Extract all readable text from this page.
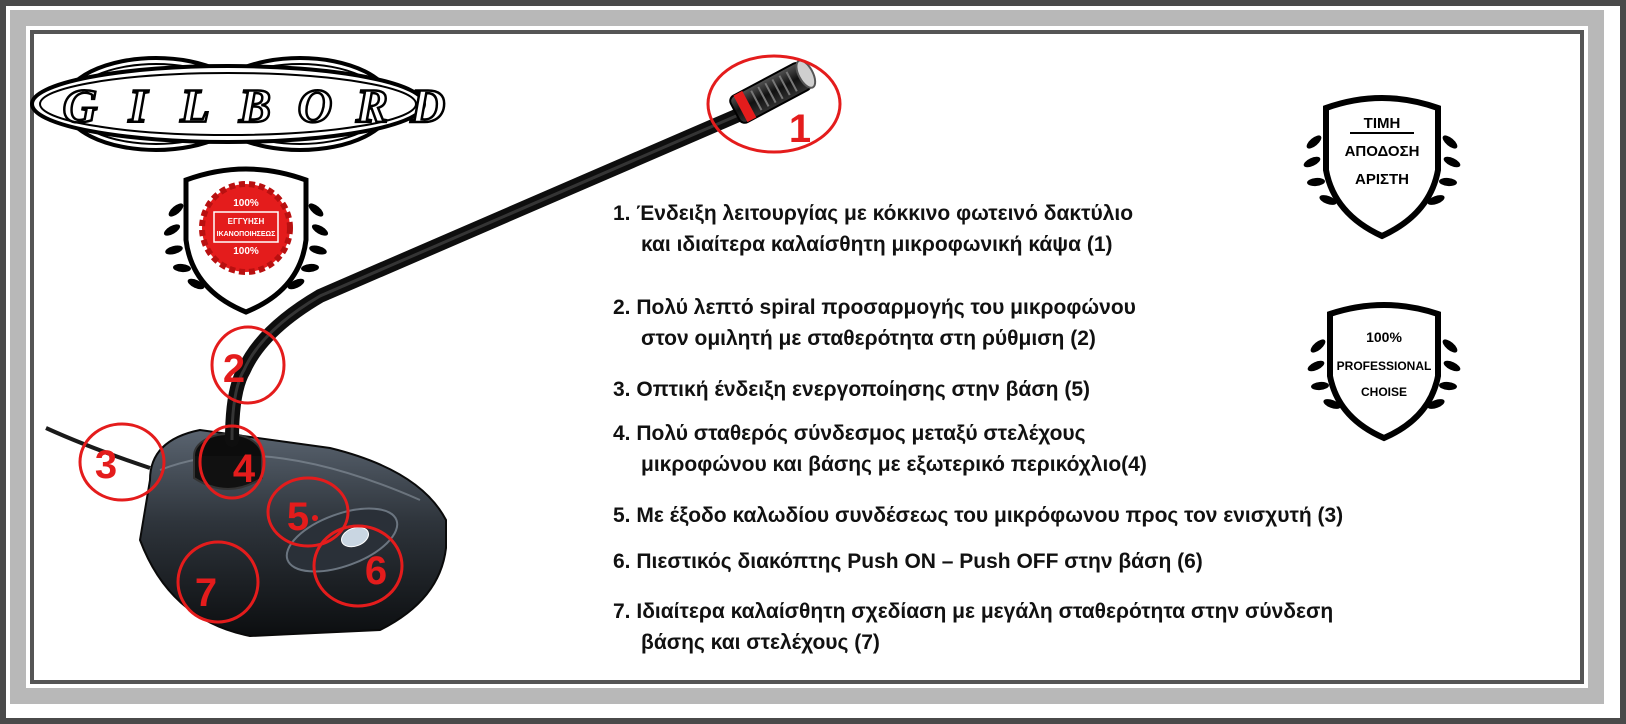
G I L B O R D
100%
ΕΓΓΥΗΣΗ
ΙΚΑΝΟΠΟΙΗΣΕΩΣ
100%
ΤΙΜΗ
ΑΠΟΔΟΣΗ
ΑΡΙΣΤΗ
100%
PROFESSIONAL
CHOISE
1
2
3	4
5
6
7
1. Ένδειξη λειτουργίας με κόκκινο φωτεινό δακτύλιο
και ιδιαίτερα καλαίσθητη μικροφωνική κάψα (1)
2. Πολύ λεπτό spiral προσαρμογής του μικροφώνου
στον ομιλητή με σταθερότητα στη ρύθμιση (2)
3. Οπτική ένδειξη ενεργοποίησης στην βάση (5)
4. Πολύ σταθερός σύνδεσμος μεταξύ στελέχους
μικροφώνου και βάσης με εξωτερικό περικόχλιο(4)
5. Με έξοδο καλωδίου συνδέσεως του μικρόφωνου προς τον ενισχυτή (3)
6. Πιεστικός διακόπτης Push ON – Push OFF στην βάση (6)
7. Ιδιαίτερα καλαίσθητη σχεδίαση με μεγάλη σταθερότητα στην σύνδεση
βάσης και στελέχους (7)
